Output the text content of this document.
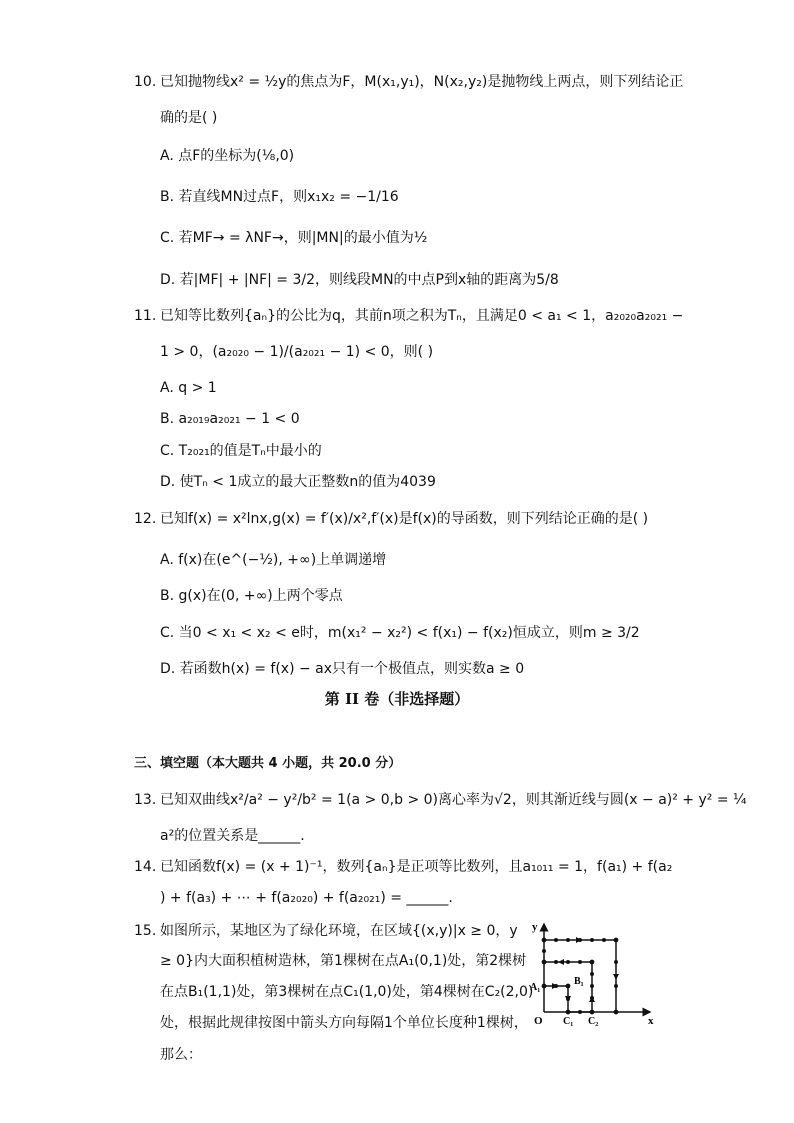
10. 已知抛物线x² = ½y的焦点为F，M(x₁,y₁)，N(x₂,y₂)是抛物线上两点，则下列结论正
确的是( )
A. 点F的坐标为(⅛,0)
B. 若直线MN过点F，则x₁x₂ = −1/16
C. 若MF→ = λNF→，则|MN|的最小值为½
D. 若|MF| + |NF| = 3/2，则线段MN的中点P到x轴的距离为5/8
11. 已知等比数列{aₙ}的公比为q，其前n项之积为Tₙ，且满足0 < a₁ < 1，a₂₀₂₀a₂₀₂₁ −
1 > 0，(a₂₀₂₀ − 1)/(a₂₀₂₁ − 1) < 0，则( )
A. q > 1
B. a₂₀₁₉a₂₀₂₁ − 1 < 0
C. T₂₀₂₁的值是Tₙ中最小的
D. 使Tₙ < 1成立的最大正整数n的值为4039
12. 已知f(x) = x²lnx,g(x) = f′(x)/x²,f′(x)是f(x)的导函数，则下列结论正确的是( )
A. f(x)在(e^(−½), +∞)上单调递增
B. g(x)在(0, +∞)上两个零点
C. 当0 < x₁ < x₂ < e时，m(x₁² − x₂²) < f(x₁) − f(x₂)恒成立，则m ≥ 3/2
D. 若函数h(x) = f(x) − ax只有一个极值点，则实数a ≥ 0
第 II 卷（非选择题）
三、填空题（本大题共 4 小题，共 20.0 分）
13. 已知双曲线x²/a² − y²/b² = 1(a > 0,b > 0)离心率为√2，则其渐近线与圆(x − a)² + y² = ¼
a²的位置关系是______.
14. 已知函数f(x) = (x + 1)⁻¹，数列{aₙ}是正项等比数列，且a₁₀₁₁ = 1，f(a₁) + f(a₂
) + f(a₃) + ⋯ + f(a₂₀₂₀) + f(a₂₀₂₁) = ______.
15. 如图所示，某地区为了绿化环境，在区域{(x,y)|x ≥ 0，y
≥ 0}内大面积植树造林，第1棵树在点A₁(0,1)处，第2棵树
在点B₁(1,1)处，第3棵树在点C₁(1,0)处，第4棵树在C₂(2,0)
处，根据此规律按图中箭头方向每隔1个单位长度种1棵树，
那么：
y
x
O
A₁
B₁
C₁ C₂
